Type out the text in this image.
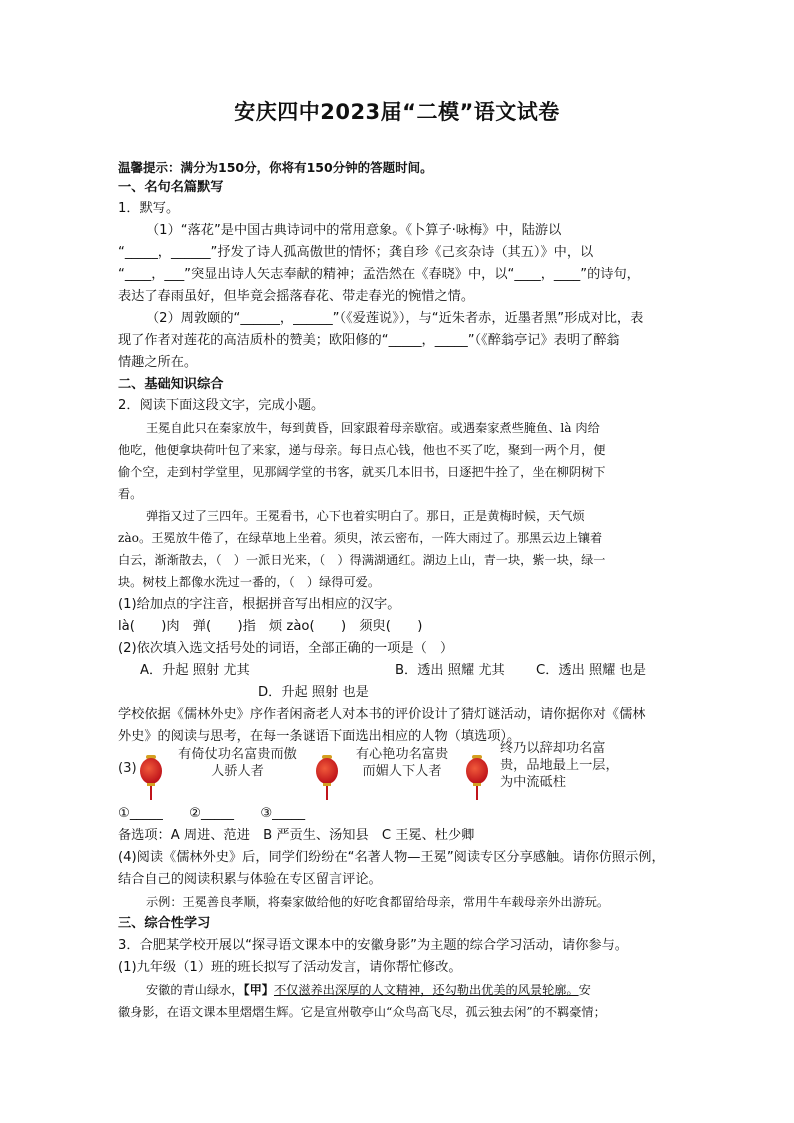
安庆四中2023届“二模”语文试卷
温馨提示：满分为150分，你将有150分钟的答题时间。
一、名句名篇默写
1．默写。
（1）“落花”是中国古典诗词中的常用意象。《卜算子·咏梅》中，陆游以
“_____，______”抒发了诗人孤高傲世的情怀；龚自珍《己亥杂诗（其五）》中，以
“____，___”突显出诗人矢志奉献的精神；孟浩然在《春晓》中，以“____，____”的诗句，
表达了春雨虽好，但毕竟会摇落春花、带走春光的惋惜之情。
（2）周敦颐的“______，______”（《爱莲说》），与“近朱者赤，近墨者黑”形成对比，表
现了作者对莲花的高洁质朴的赞美；欧阳修的“_____，_____”（《醉翁亭记》表明了醉翁
情趣之所在。
二、基础知识综合
2．阅读下面这段文字，完成小题。
王冕自此只在秦家放牛，每到黄昏，回家跟着母亲歇宿。或遇秦家煮些腌鱼、là 肉给
他吃，他便拿块荷叶包了来家，递与母亲。每日点心钱，他也不买了吃，聚到一两个月，便
偷个空，走到村学堂里，见那阔学堂的书客，就买几本旧书，日逐把牛拴了，坐在柳阴树下
看。
弹指又过了三四年。王冕看书，心下也着实明白了。那日，正是黄梅时候，天气烦
zào。王冕放牛倦了，在绿草地上坐着。须臾，浓云密布，一阵大雨过了。那黑云边上镶着
白云，渐渐散去，（　）一派日光来，（　）得满湖通红。湖边上山，青一块，紫一块，绿一
块。树枝上都像水洗过一番的，（　）绿得可爱。
(1)给加点的字注音，根据拼音写出相应的汉字。
là(　　)肉　弹(　　)指　烦 zào(　　)　须臾(　　)
(2)依次填入选文括号处的词语，全部正确的一项是（　）
A．升起 照射 尤其	B．透出 照耀 尤其 C．透出 照耀 也是
D．升起 照射 也是
学校依据《儒林外史》序作者闲斋老人对本书的评价设计了猜灯谜活动，请你据你对《儒林
外史》的阅读与思考，在每一条谜语下面选出相应的人物（填选项）。
(3)
有倚仗功名富贵而傲
人骄人者
有心艳功名富贵
而媚人下人者
终乃以辞却功名富
贵，品地最上一层，
为中流砥柱
①_____　　②_____　　③_____
备选项：A 周进、范进　B 严贡生、汤知县　C 王冕、杜少卿
(4)阅读《儒林外史》后，同学们纷纷在“名著人物—王冕”阅读专区分享感触。请你仿照示例，
结合自己的阅读积累与体验在专区留言评论。
示例：王冕善良孝顺，将秦家做给他的好吃食都留给母亲，常用牛车载母亲外出游玩。
三、综合性学习
3．合肥某学校开展以“探寻语文课本中的安徽身影”为主题的综合学习活动，请你参与。
(1)九年级（1）班的班长拟写了活动发言，请你帮忙修改。
安徽的青山绿水，【甲】不仅滋养出深厚的人文精神，还勾勒出优美的风景轮廓。安
徽身影，在语文课本里熠熠生辉。它是宣州敬亭山“众鸟高飞尽，孤云独去闲”的不羁豪情；
